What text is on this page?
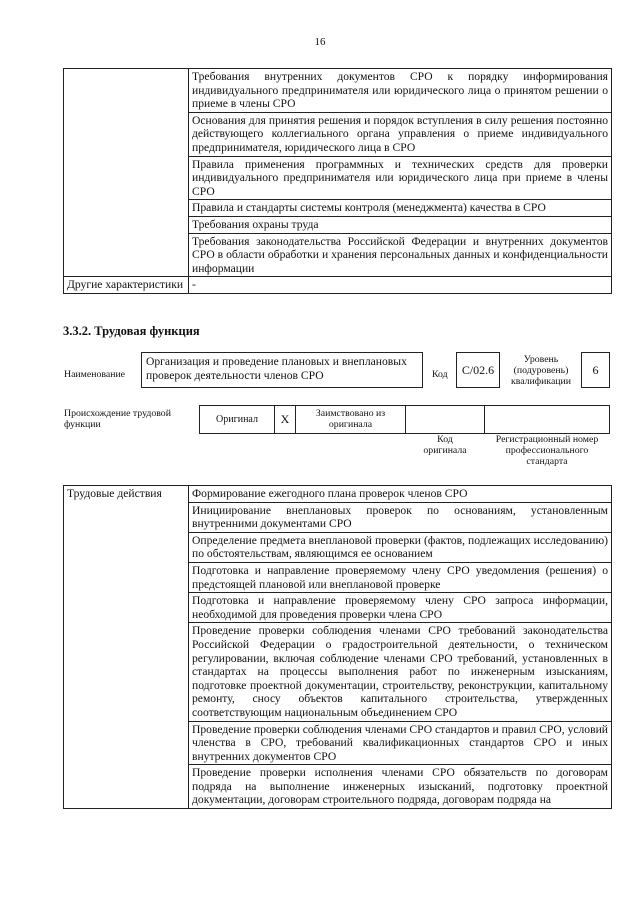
16
	Требования внутренних документов СРО к порядку информирования индивидуального предпринимателя или юридического лица о принятом решении о приеме в члены СРО
	Основания для принятия решения и порядок вступления в силу решения постоянно действующего коллегиального органа управления о приеме индивидуального предпринимателя, юридического лица в СРО
	Правила применения программных и технических средств для проверки индивидуального предпринимателя или юридического лица при приеме в члены СРО
	Правила и стандарты системы контроля (менеджмента) качества в СРО
	Требования охраны труда
	Требования законодательства Российской Федерации и внутренних документов СРО в области обработки и хранения персональных данных и конфиденциальности информации
Другие характеристики	-
3.3.2. Трудовая функция
Наименование
Организация и проведение плановых и внеплановых проверок деятельности членов СРО	Код	С/02.6
Уровень (подуровень) квалификации
6
Происхождение трудовой функции	Оригинал	X	Заимствовано из оригинала
Код оригинала
Регистрационный номер профессионального стандарта
Трудовые действия	Формирование ежегодного плана проверок членов СРО
Инициирование внеплановых проверок по основаниям, установленным внутренними документами СРО
Определение предмета внеплановой проверки (фактов, подлежащих исследованию) по обстоятельствам, являющимся ее основанием
Подготовка и направление проверяемому члену СРО уведомления (решения) о предстоящей плановой или внеплановой проверке
Подготовка и направление проверяемому члену СРО запроса информации, необходимой для проведения проверки члена СРО
Проведение проверки соблюдения членами СРО требований законодательства Российской Федерации о градостроительной деятельности, о техническом регулировании, включая соблюдение членами СРО требований, установленных в стандартах на процессы выполнения работ по инженерным изысканиям, подготовке проектной документации, строительству, реконструкции, капитальному ремонту, сносу объектов капитального строительства, утвержденных соответствующим национальным объединением СРО
Проведение проверки соблюдения членами СРО стандартов и правил СРО, условий членства в СРО, требований квалификационных стандартов СРО и иных внутренних документов СРО
Проведение проверки исполнения членами СРО обязательств по договорам подряда на выполнение инженерных изысканий, подготовку проектной документации, договорам строительного подряда, договорам подряда на
